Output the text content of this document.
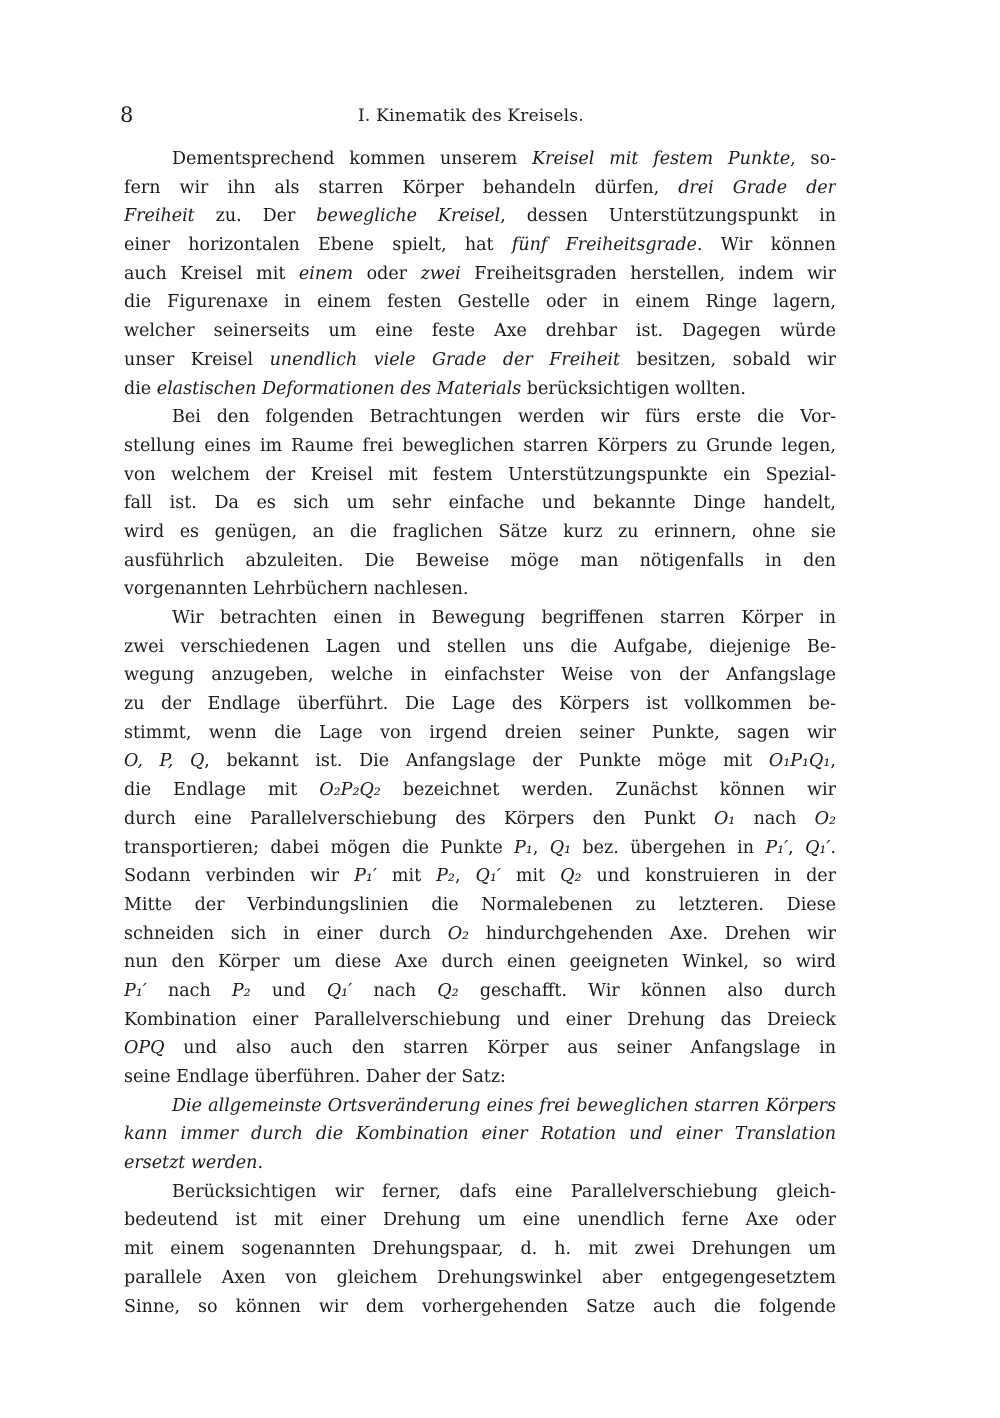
8	I. Kinematik des Kreisels.
Dementsprechend kommen unserem Kreisel mit festem Punkte, so-
fern wir ihn als starren Körper behandeln dürfen, drei Grade der
Freiheit zu. Der bewegliche Kreisel, dessen Unterstützungspunkt in
einer horizontalen Ebene spielt, hat fünf Freiheitsgrade. Wir können
auch Kreisel mit einem oder zwei Freiheitsgraden herstellen, indem wir
die Figurenaxe in einem festen Gestelle oder in einem Ringe lagern,
welcher seinerseits um eine feste Axe drehbar ist. Dagegen würde
unser Kreisel unendlich viele Grade der Freiheit besitzen, sobald wir
die elastischen Deformationen des Materials berücksichtigen wollten.
Bei den folgenden Betrachtungen werden wir fürs erste die Vor-
stellung eines im Raume frei beweglichen starren Körpers zu Grunde legen,
von welchem der Kreisel mit festem Unterstützungspunkte ein Spezial-
fall ist. Da es sich um sehr einfache und bekannte Dinge handelt,
wird es genügen, an die fraglichen Sätze kurz zu erinnern, ohne sie
ausführlich abzuleiten. Die Beweise möge man nötigenfalls in den
vorgenannten Lehrbüchern nachlesen.
Wir betrachten einen in Bewegung begriffenen starren Körper in
zwei verschiedenen Lagen und stellen uns die Aufgabe, diejenige Be-
wegung anzugeben, welche in einfachster Weise von der Anfangslage
zu der Endlage überführt. Die Lage des Körpers ist vollkommen be-
stimmt, wenn die Lage von irgend dreien seiner Punkte, sagen wir
O, P, Q, bekannt ist. Die Anfangslage der Punkte möge mit O₁P₁Q₁,
die Endlage mit O₂P₂Q₂ bezeichnet werden. Zunächst können wir
durch eine Parallelverschiebung des Körpers den Punkt O₁ nach O₂
transportieren; dabei mögen die Punkte P₁, Q₁ bez. übergehen in P₁′, Q₁′.
Sodann verbinden wir P₁′ mit P₂, Q₁′ mit Q₂ und konstruieren in der
Mitte der Verbindungslinien die Normalebenen zu letzteren. Diese
schneiden sich in einer durch O₂ hindurchgehenden Axe. Drehen wir
nun den Körper um diese Axe durch einen geeigneten Winkel, so wird
P₁′ nach P₂ und Q₁′ nach Q₂ geschafft. Wir können also durch
Kombination einer Parallelverschiebung und einer Drehung das Dreieck
OPQ und also auch den starren Körper aus seiner Anfangslage in
seine Endlage überführen. Daher der Satz:
Die allgemeinste Ortsveränderung eines frei beweglichen starren Körpers
kann immer durch die Kombination einer Rotation und einer Translation
ersetzt werden.
Berücksichtigen wir ferner, dafs eine Parallelverschiebung gleich-
bedeutend ist mit einer Drehung um eine unendlich ferne Axe oder
mit einem sogenannten Drehungspaar, d. h. mit zwei Drehungen um
parallele Axen von gleichem Drehungswinkel aber entgegengesetztem
Sinne, so können wir dem vorhergehenden Satze auch die folgende
